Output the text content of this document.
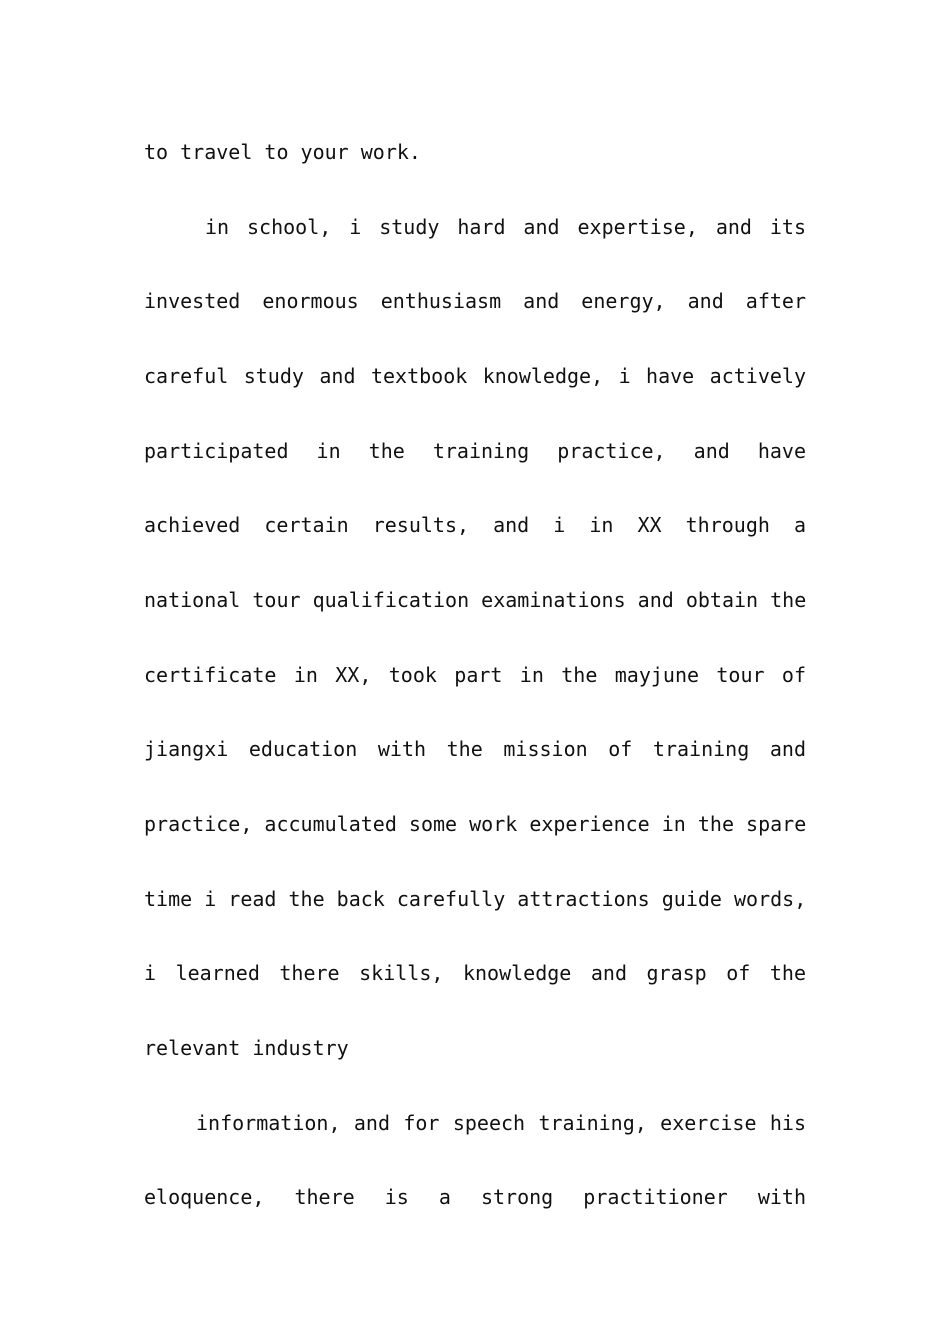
to travel to your work.
in school, i study hard and expertise, and its
invested enormous enthusiasm and energy, and after
careful study and textbook knowledge, i have actively
participated in the training practice, and have
achieved certain results, and i in XX through a
national tour qualification examinations and obtain the
certificate in XX, took part in the mayjune tour of
jiangxi education with the mission of training and
practice, accumulated some work experience in the spare
time i read the back carefully attractions guide words,
i learned there skills, knowledge and grasp of the
relevant industry
information, and for speech training, exercise his
eloquence, there is a strong practitioner with
